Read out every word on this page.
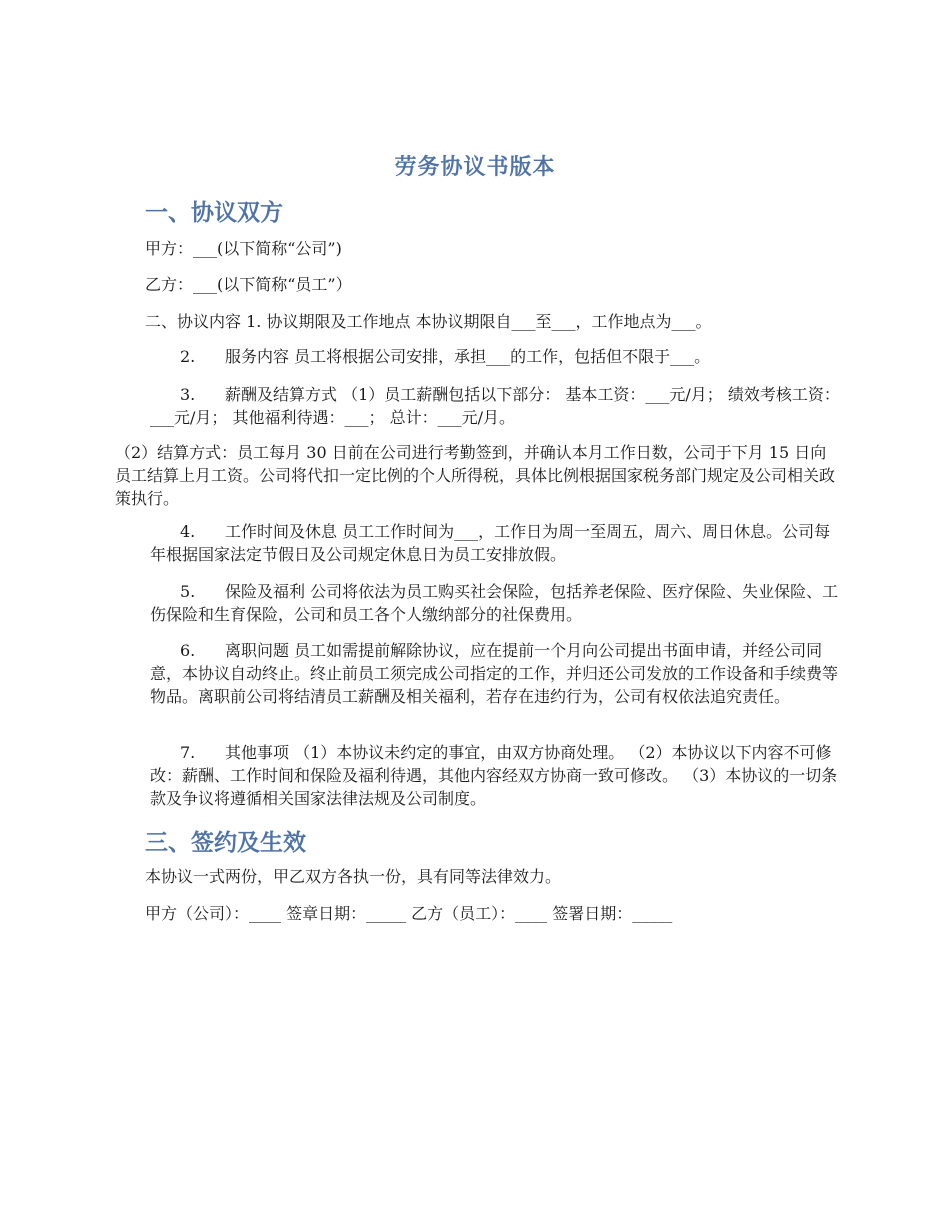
劳务协议书版本
一、协议双方
甲方：___(以下简称“公司”)
乙方：___(以下简称“员工”）
二、协议内容 1. 协议期限及工作地点 本协议期限自___至___，工作地点为___。
2. 服务内容 员工将根据公司安排，承担___的工作，包括但不限于___。
3. 薪酬及结算方式 （1）员工薪酬包括以下部分： 基本工资：___元/月； 绩效考核工资：___元/月； 其他福利待遇：___； 总计：___元/月。
（2）结算方式：员工每月 30 日前在公司进行考勤签到，并确认本月工作日数，公司于下月 15 日向员工结算上月工资。公司将代扣一定比例的个人所得税，具体比例根据国家税务部门规定及公司相关政策执行。
4. 工作时间及休息 员工工作时间为___，工作日为周一至周五，周六、周日休息。公司每年根据国家法定节假日及公司规定休息日为员工安排放假。
5. 保险及福利 公司将依法为员工购买社会保险，包括养老保险、医疗保险、失业保险、工伤保险和生育保险，公司和员工各个人缴纳部分的社保费用。
6. 离职问题 员工如需提前解除协议，应在提前一个月向公司提出书面申请，并经公司同意，本协议自动终止。终止前员工须完成公司指定的工作，并归还公司发放的工作设备和手续费等物品。离职前公司将结清员工薪酬及相关福利，若存在违约行为，公司有权依法追究责任。
7. 其他事项 （1）本协议未约定的事宜，由双方协商处理。 （2）本协议以下内容不可修改：薪酬、工作时间和保险及福利待遇，其他内容经双方协商一致可修改。 （3）本协议的一切条款及争议将遵循相关国家法律法规及公司制度。
三、签约及生效
本协议一式两份，甲乙双方各执一份，具有同等法律效力。
甲方（公司）：____ 签章日期：_____ 乙方（员工）：____ 签署日期：_____
